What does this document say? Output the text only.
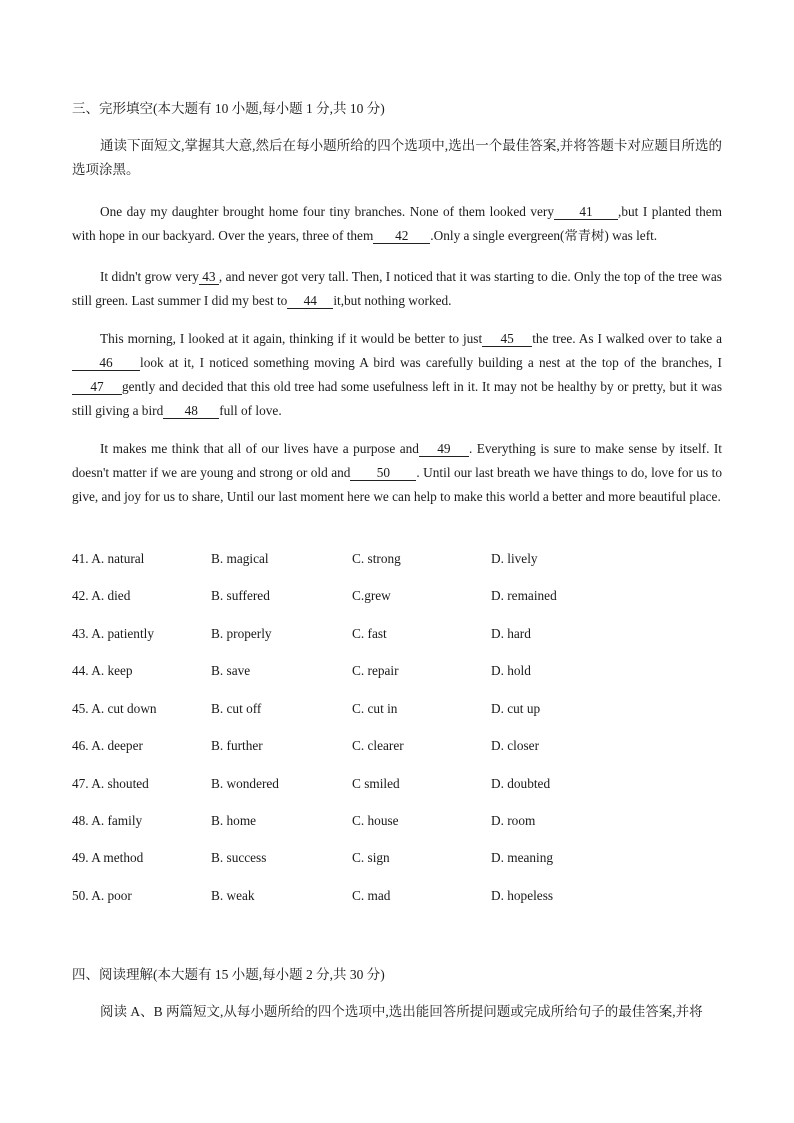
三、完形填空(本大题有 10 小题,每小题 1 分,共 10 分)
通读下面短文,掌握其大意,然后在每小题所给的四个选项中,选出一个最佳答案,并将答题卡对应题目所选的选项涂黑。
One day my daughter brought home four tiny branches. None of them looked very 41 ,but I planted them with hope in our backyard. Over the years, three of them 42 .Only a single evergreen(常青树) was left.
It didn't grow very 43 , and never got very tall. Then, I noticed that it was starting to die. Only the top of the tree was still green. Last summer I did my best to 44 it,but nothing worked.
This morning, I looked at it again, thinking if it would be better to just 45 the tree. As I walked over to take a46 look at it, I noticed something moving A bird was carefully building a nest at the top of the branches, I47 gently and decided that this old tree had some usefulness left in it. It may not be healthy by or pretty, but it was still giving a bird 48 full of love.
It makes me think that all of our lives have a purpose and 49 . Everything is sure to make sense by itself. It doesn't matter if we are young and strong or old and 50 . Until our last breath we have things to do, love for us to give, and joy for us to share, Until our last moment here we can help to make this world a better and more beautiful place.
41. A. natural	B. magical	C. strong	D. lively
42. A. died	B. suffered	C.grew	D. remained
43. A. patiently	B. properly	C. fast	D. hard
44. A. keep	B. save	C. repair	D. hold
45. A. cut down	B. cut off	C. cut in	D. cut up
46. A. deeper	B. further	C. clearer	D. closer
47. A. shouted	B. wondered	C smiled	D. doubted
48. A. family	B. home	C. house	D. room
49. A method	B. success	C. sign	D. meaning
50. A. poor	B. weak	C. mad	D. hopeless
四、阅读理解(本大题有 15 小题,每小题 2 分,共 30 分)
阅读 A、B 两篇短文,从每小题所给的四个选项中,选出能回答所提问题或完成所给句子的最佳答案,并将
